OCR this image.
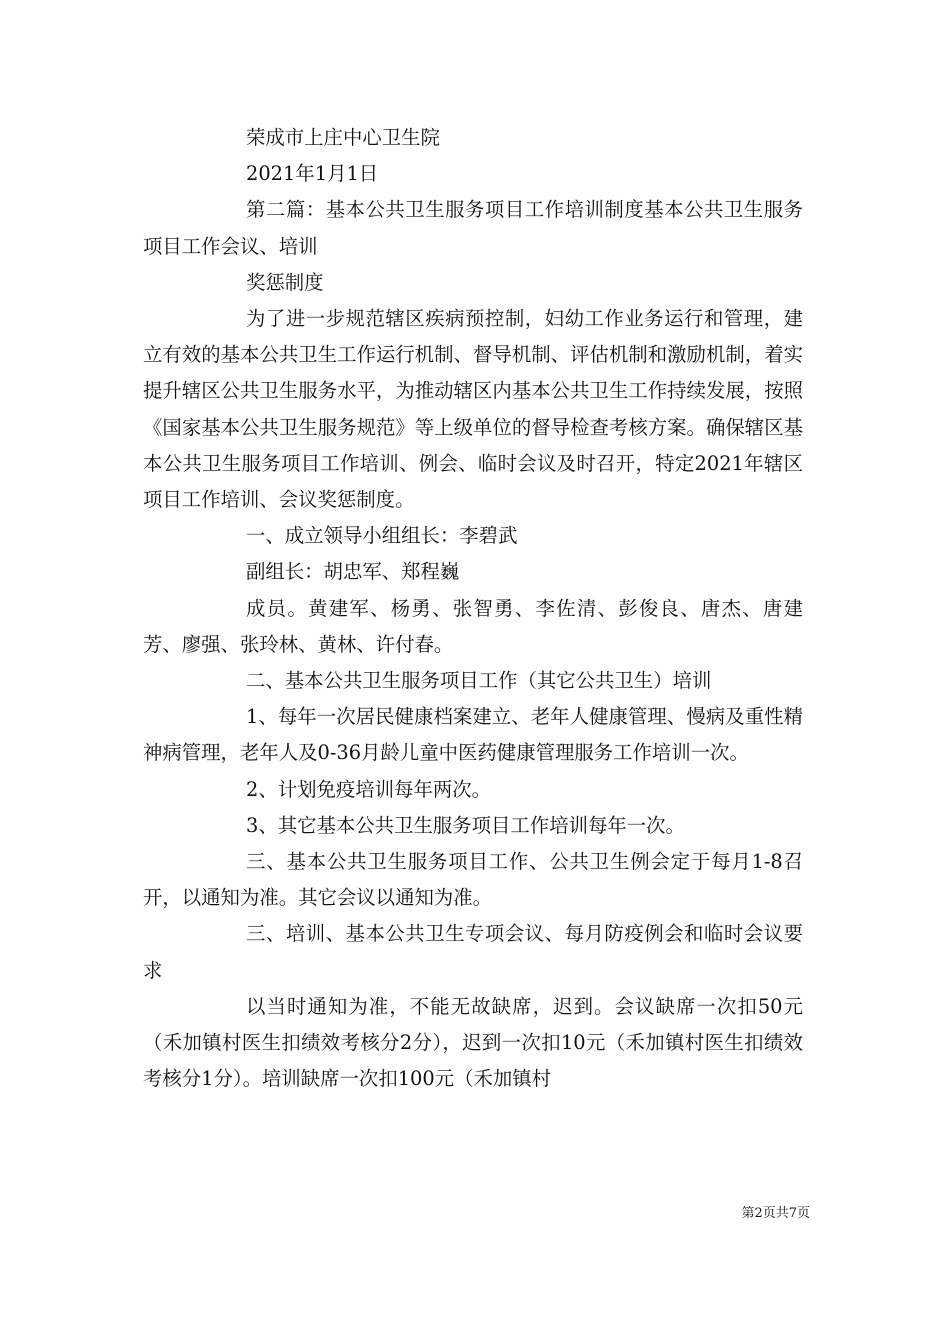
荣成市上庄中心卫生院

2021年1月1日

第二篇：基本公共卫生服务项目工作培训制度基本公共卫生服务项目工作会议、培训

奖惩制度

为了进一步规范辖区疾病预控制，妇幼工作业务运行和管理，建立有效的基本公共卫生工作运行机制、督导机制、评估机制和激励机制，着实提升辖区公共卫生服务水平，为推动辖区内基本公共卫生工作持续发展，按照《国家基本公共卫生服务规范》等上级单位的督导检查考核方案。确保辖区基本公共卫生服务项目工作培训、例会、临时会议及时召开，特定2021年辖区项目工作培训、会议奖惩制度。

一、成立领导小组组长：李碧武

副组长：胡忠军、郑程巍

成员。黄建军、杨勇、张智勇、李佐清、彭俊良、唐杰、唐建芳、廖强、张玲林、黄林、许付春。

二、基本公共卫生服务项目工作（其它公共卫生）培训

1、每年一次居民健康档案建立、老年人健康管理、慢病及重性精神病管理，老年人及0-36月龄儿童中医药健康管理服务工作培训一次。

2、计划免疫培训每年两次。

3、其它基本公共卫生服务项目工作培训每年一次。

三、基本公共卫生服务项目工作、公共卫生例会定于每月1-8召开，以通知为准。其它会议以通知为准。

三、培训、基本公共卫生专项会议、每月防疫例会和临时会议要求

以当时通知为准，不能无故缺席，迟到。会议缺席一次扣50元（禾加镇村医生扣绩效考核分2分），迟到一次扣10元（禾加镇村医生扣绩效考核分1分）。培训缺席一次扣100元（禾加镇村

第2页共7页
